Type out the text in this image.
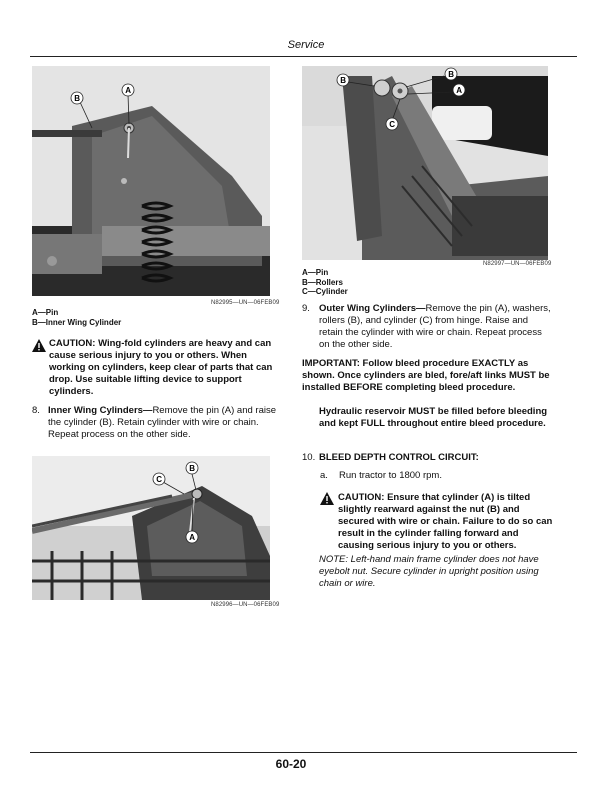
Service
B
A
N82995—UN—06FEB09
A—Pin
B—Inner Wing Cylinder
CAUTION: Wing-fold cylinders are heavy and can cause serious injury to you or others. When working on cylinders, keep clear of parts that can drop. Use suitable lifting device to support cylinders.
8. Inner Wing Cylinders—Remove the pin (A) and raise the cylinder (B). Retain cylinder with wire or chain. Repeat process on the other side.
B
C
A
N82996—UN—06FEB09
B
B
A
C
N82997—UN—06FEB09
A—Pin
B—Rollers
C—Cylinder
9. Outer Wing Cylinders—Remove the pin (A), washers, rollers (B), and cylinder (C) from hinge. Raise and retain the cylinder with wire or chain. Repeat process on the other side.
IMPORTANT: Follow bleed procedure EXACTLY as shown. Once cylinders are bled, fore/aft links MUST be installed BEFORE completing bleed procedure.
Hydraulic reservoir MUST be filled before bleeding and kept FULL throughout entire bleed procedure.
10. BLEED DEPTH CONTROL CIRCUIT:
a. Run tractor to 1800 rpm.
CAUTION: Ensure that cylinder (A) is tilted slightly rearward against the nut (B) and secured with wire or chain. Failure to do so can result in the cylinder falling forward and causing serious injury to you or others.
NOTE: Left-hand main frame cylinder does not have eyebolt nut. Secure cylinder in upright position using chain or wire.
60-20
